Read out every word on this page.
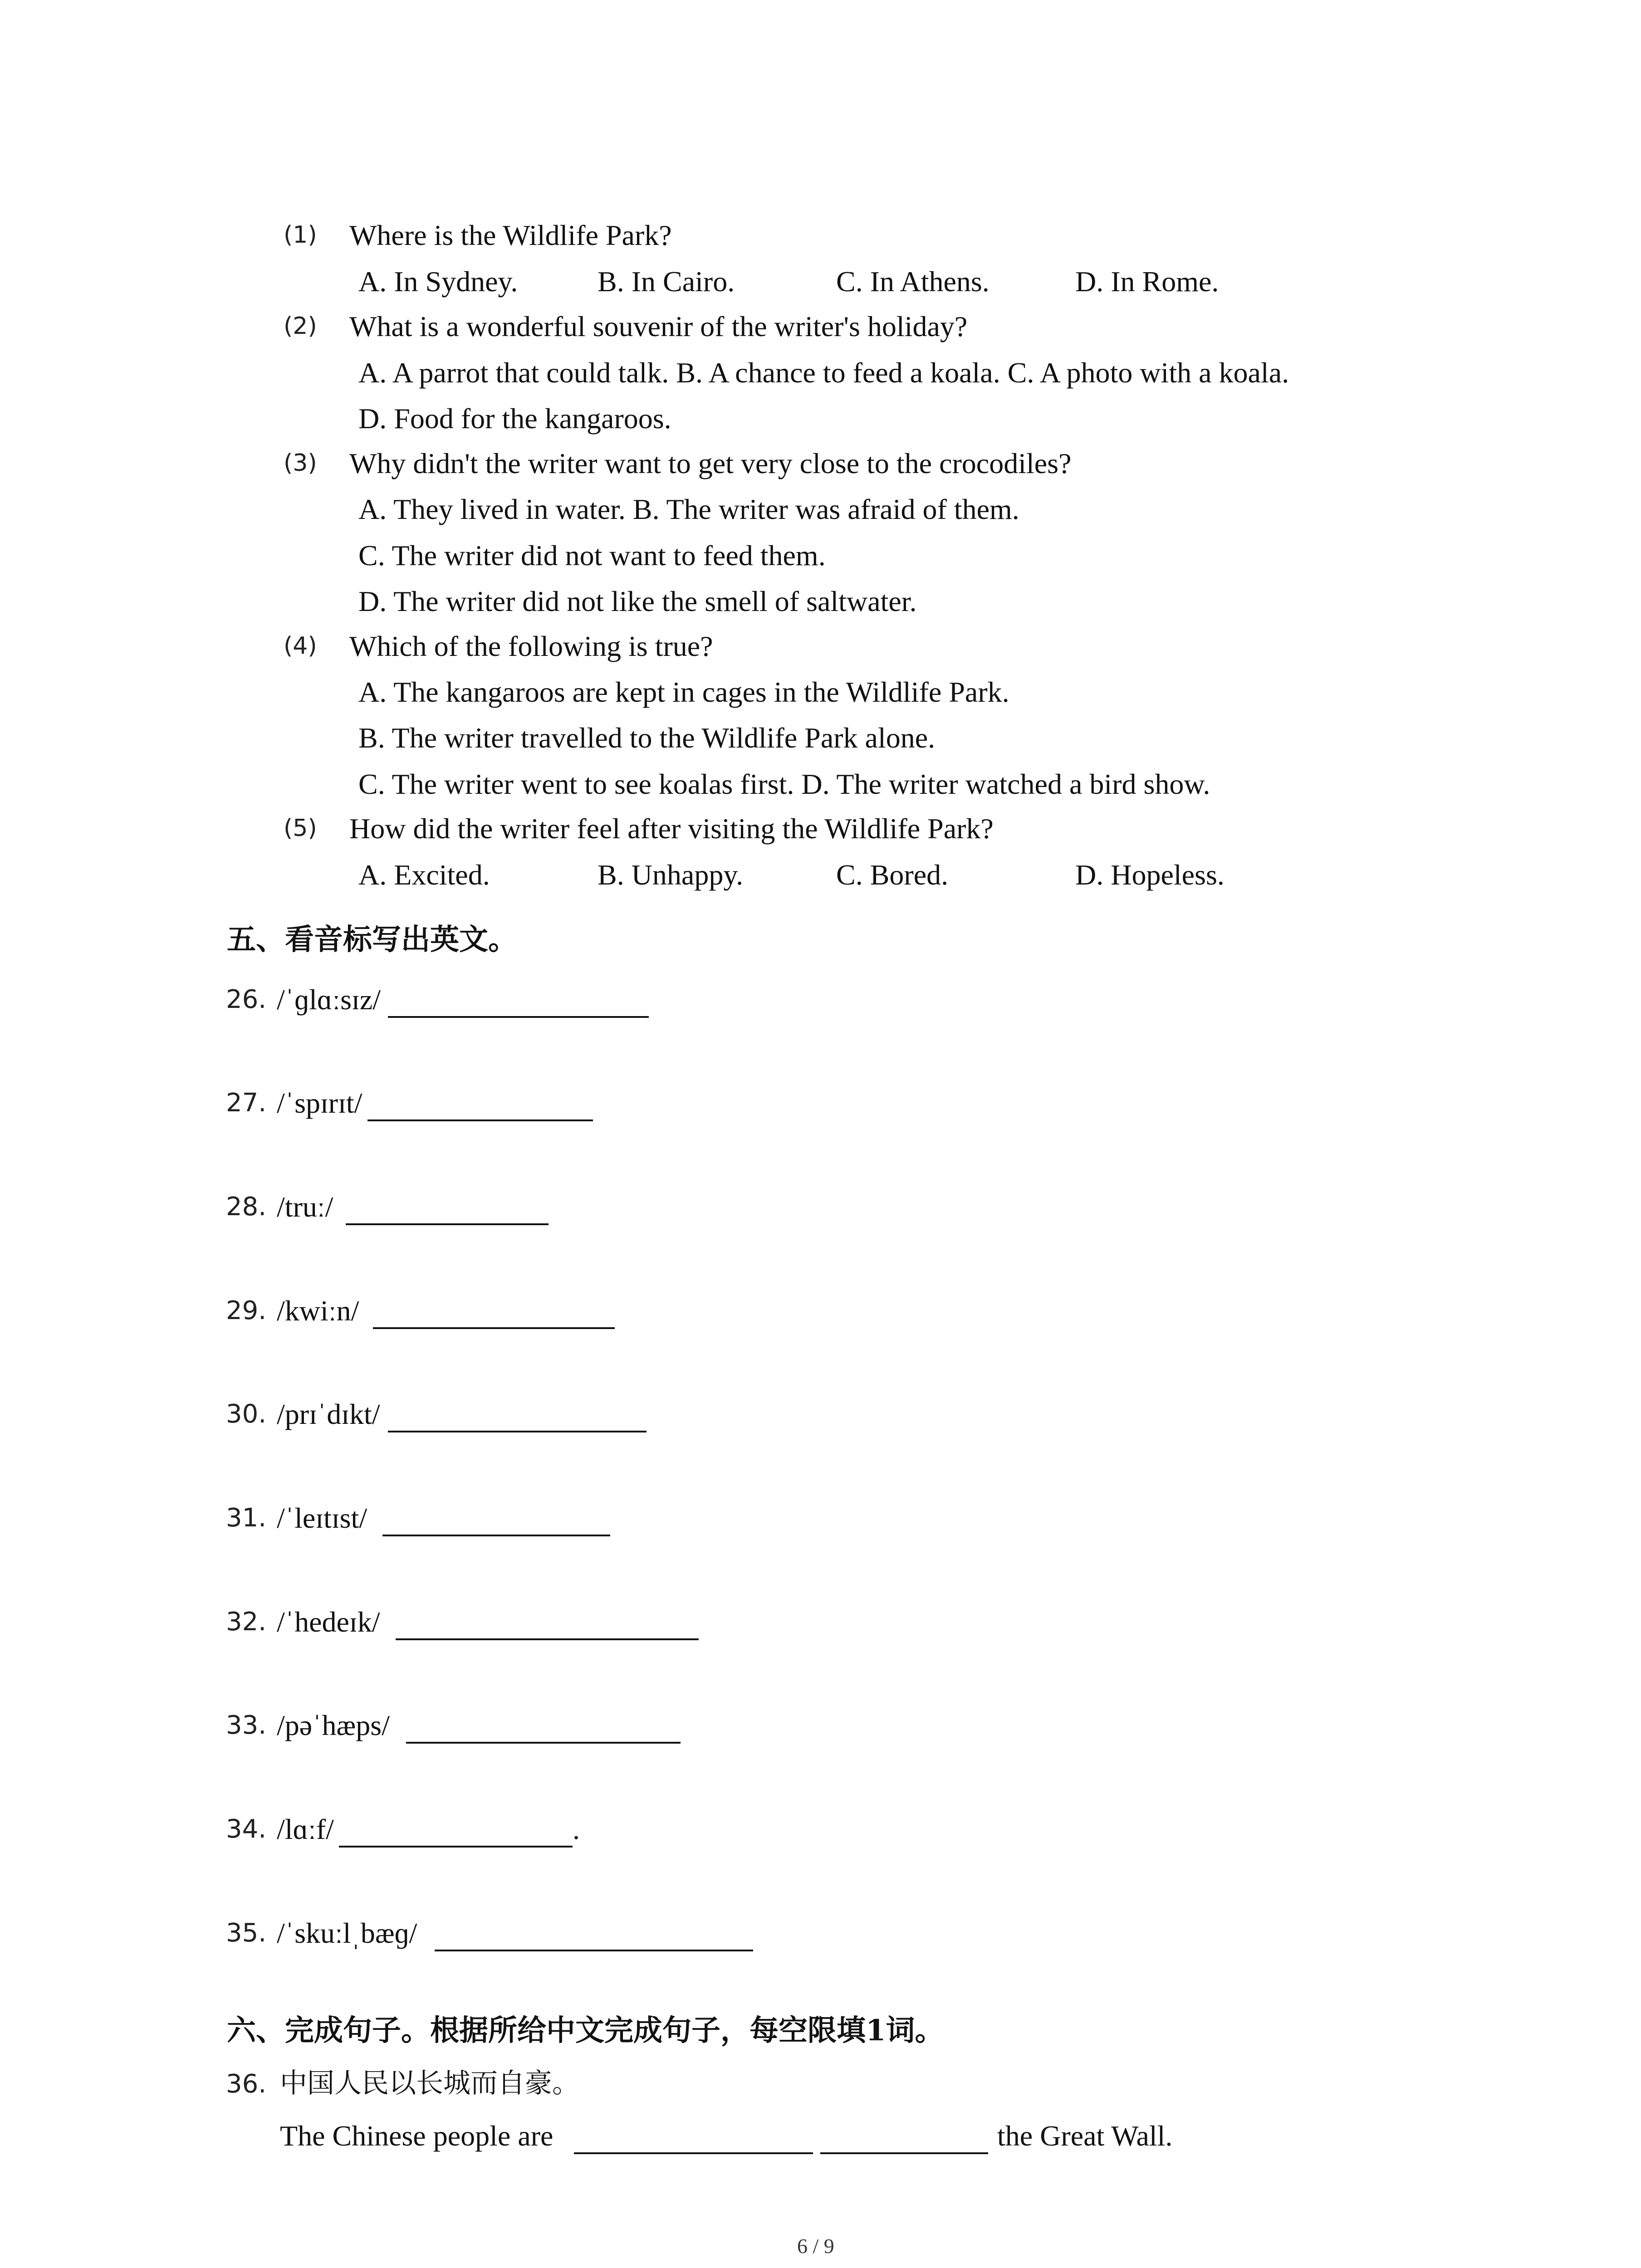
(1) Where is the Wildlife Park?
A. In Sydney.	B. In Cairo.	C. In Athens.	D. In Rome.
(2) What is a wonderful souvenir of the writer's holiday?
A. A parrot that could talk. B. A chance to feed a koala. C. A photo with a koala.
D. Food for the kangaroos.
(3) Why didn't the writer want to get very close to the crocodiles?
A. They lived in water. B. The writer was afraid of them.
C. The writer did not want to feed them.
D. The writer did not like the smell of saltwater.
(4) Which of the following is true?
A. The kangaroos are kept in cages in the Wildlife Park.
B. The writer travelled to the Wildlife Park alone.
C. The writer went to see koalas first. D. The writer watched a bird show.
(5) How did the writer feel after visiting the Wildlife Park?
A. Excited.	B. Unhappy.	C. Bored.	D. Hopeless.
五、看音标写出英文。
26. /ˈɡlɑːsɪz/
27. /ˈspɪrɪt/
28. /truː/
29. /kwiːn/
30. /prɪˈdɪkt/
31. /ˈleɪtɪst/
32. /ˈhedeɪk/
33. /pəˈhæps/
34. /lɑːf/	.
35. /ˈskuːlˌbæɡ/
六、完成句子。根据所给中文完成句子，每空限填1词。
36. 中国人民以长城而自豪。
The Chinese people are	the Great Wall.
6 / 9
